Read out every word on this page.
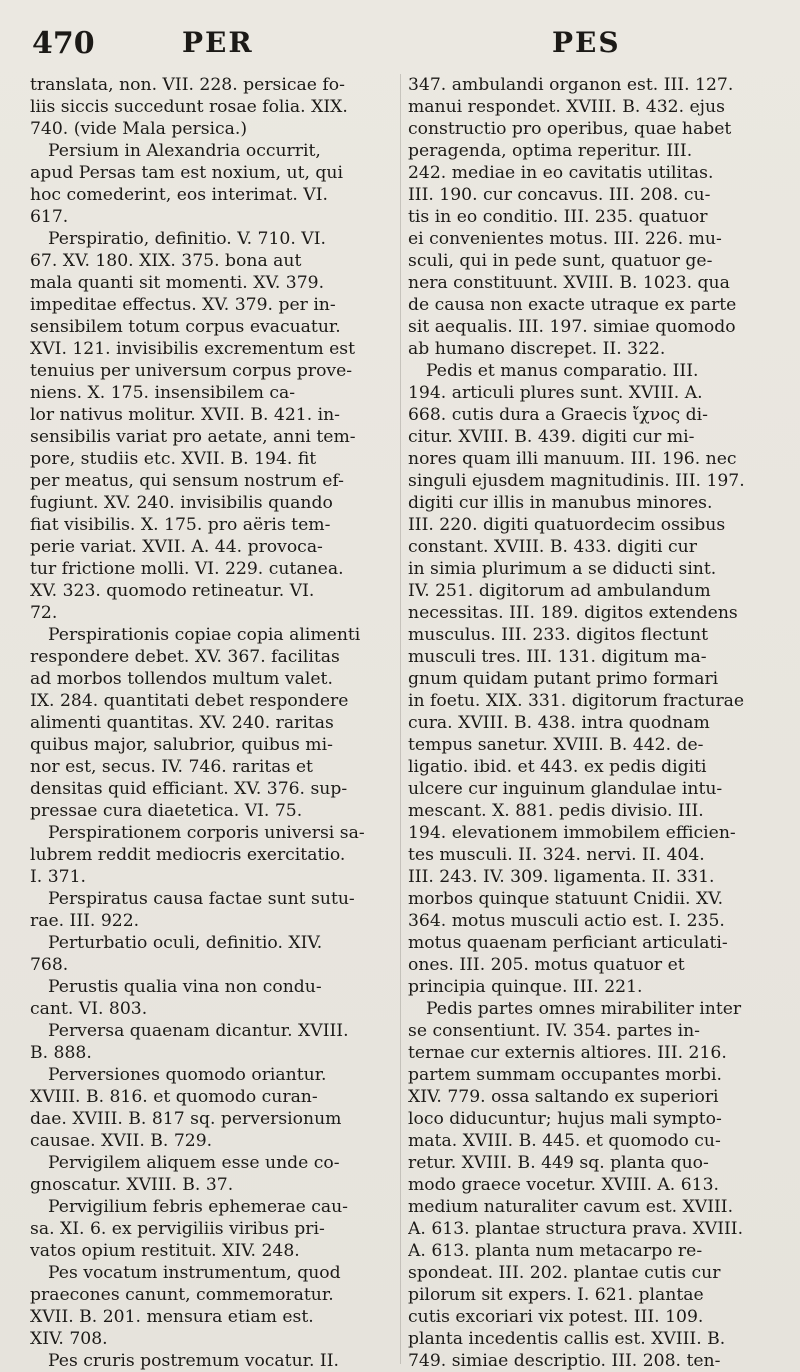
470	PER	PES
translata, non. VII. 228. persicae fo-
liis siccis succedunt rosae folia. XIX.
740. (vide Mala persica.)
Persium in Alexandria occurrit,
apud Persas tam est noxium, ut, qui
hoc comederint, eos interimat. VI.
617.
Perspiratio, definitio. V. 710. VI.
67. XV. 180. XIX. 375. bona aut
mala quanti sit momenti. XV. 379.
impeditae effectus. XV. 379. per in-
sensibilem totum corpus evacuatur.
XVI. 121. invisibilis excrementum est
tenuius per universum corpus prove-
niens. X. 175. insensibilem ca-
lor nativus molitur. XVII. B. 421. in-
sensibilis variat pro aetate, anni tem-
pore, studiis etc. XVII. B. 194. fit
per meatus, qui sensum nostrum ef-
fugiunt. XV. 240. invisibilis quando
fiat visibilis. X. 175. pro aëris tem-
perie variat. XVII. A. 44. provoca-
tur frictione molli. VI. 229. cutanea.
XV. 323. quomodo retineatur. VI.
72.
Perspirationis copiae copia alimenti
respondere debet. XV. 367. facilitas
ad morbos tollendos multum valet.
IX. 284. quantitati debet respondere
alimenti quantitas. XV. 240. raritas
quibus major, salubrior, quibus mi-
nor est, secus. IV. 746. raritas et
densitas quid efficiant. XV. 376. sup-
pressae cura diaetetica. VI. 75.
Perspirationem corporis universi sa-
lubrem reddit mediocris exercitatio.
I. 371.
Perspiratus causa factae sunt sutu-
rae. III. 922.
Perturbatio oculi, definitio. XIV.
768.
Perustis qualia vina non condu-
cant. VI. 803.
Perversa quaenam dicantur. XVIII.
B. 888.
Perversiones quomodo oriantur.
XVIII. B. 816. et quomodo curan-
dae. XVIII. B. 817 sq. perversionum
causae. XVII. B. 729.
Pervigilem aliquem esse unde co-
gnoscatur. XVIII. B. 37.
Pervigilium febris ephemerae cau-
sa. XI. 6. ex pervigiliis viribus pri-
vatos opium restituit. XIV. 248.
Pes vocatum instrumentum, quod
praecones canunt, commemoratur.
XVII. B. 201. mensura etiam est.
XIV. 708.
Pes cruris postremum vocatur. II.
347. ambulandi organon est. III. 127.
manui respondet. XVIII. B. 432. ejus
constructio pro operibus, quae habet
peragenda, optima reperitur. III.
242. mediae in eo cavitatis utilitas.
III. 190. cur concavus. III. 208. cu-
tis in eo conditio. III. 235. quatuor
ei convenientes motus. III. 226. mu-
sculi, qui in pede sunt, quatuor ge-
nera constituunt. XVIII. B. 1023. qua
de causa non exacte utraque ex parte
sit aequalis. III. 197. simiae quomodo
ab humano discrepet. II. 322.
Pedis et manus comparatio. III.
194. articuli plures sunt. XVIII. A.
668. cutis dura a Graecis ἴχνος di-
citur. XVIII. B. 439. digiti cur mi-
nores quam illi manuum. III. 196. nec
singuli ejusdem magnitudinis. III. 197.
digiti cur illis in manubus minores.
III. 220. digiti quatuordecim ossibus
constant. XVIII. B. 433. digiti cur
in simia plurimum a se diducti sint.
IV. 251. digitorum ad ambulandum
necessitas. III. 189. digitos extendens
musculus. III. 233. digitos flectunt
musculi tres. III. 131. digitum ma-
gnum quidam putant primo formari
in foetu. XIX. 331. digitorum fracturae
cura. XVIII. B. 438. intra quodnam
tempus sanetur. XVIII. B. 442. de-
ligatio. ibid. et 443. ex pedis digiti
ulcere cur inguinum glandulae intu-
mescant. X. 881. pedis divisio. III.
194. elevationem immobilem efficien-
tes musculi. II. 324. nervi. II. 404.
III. 243. IV. 309. ligamenta. II. 331.
morbos quinque statuunt Cnidii. XV.
364. motus musculi actio est. I. 235.
motus quaenam perficiant articulati-
ones. III. 205. motus quatuor et
principia quinque. III. 221.
Pedis partes omnes mirabiliter inter
se consentiunt. IV. 354. partes in-
ternae cur externis altiores. III. 216.
partem summam occupantes morbi.
XIV. 779. ossa saltando ex superiori
loco diducuntur; hujus mali sympto-
mata. XVIII. B. 445. et quomodo cu-
retur. XVIII. B. 449 sq. planta quo-
modo graece vocetur. XVIII. A. 613.
medium naturaliter cavum est. XVIII.
A. 613. plantae structura prava. XVIII.
A. 613. planta num metacarpo re-
spondeat. III. 202. plantae cutis cur
pilorum sit expers. I. 621. plantae
cutis excoriari vix potest. III. 109.
planta incedentis callis est. XVIII. B.
749. simiae descriptio. III. 208. ten-
